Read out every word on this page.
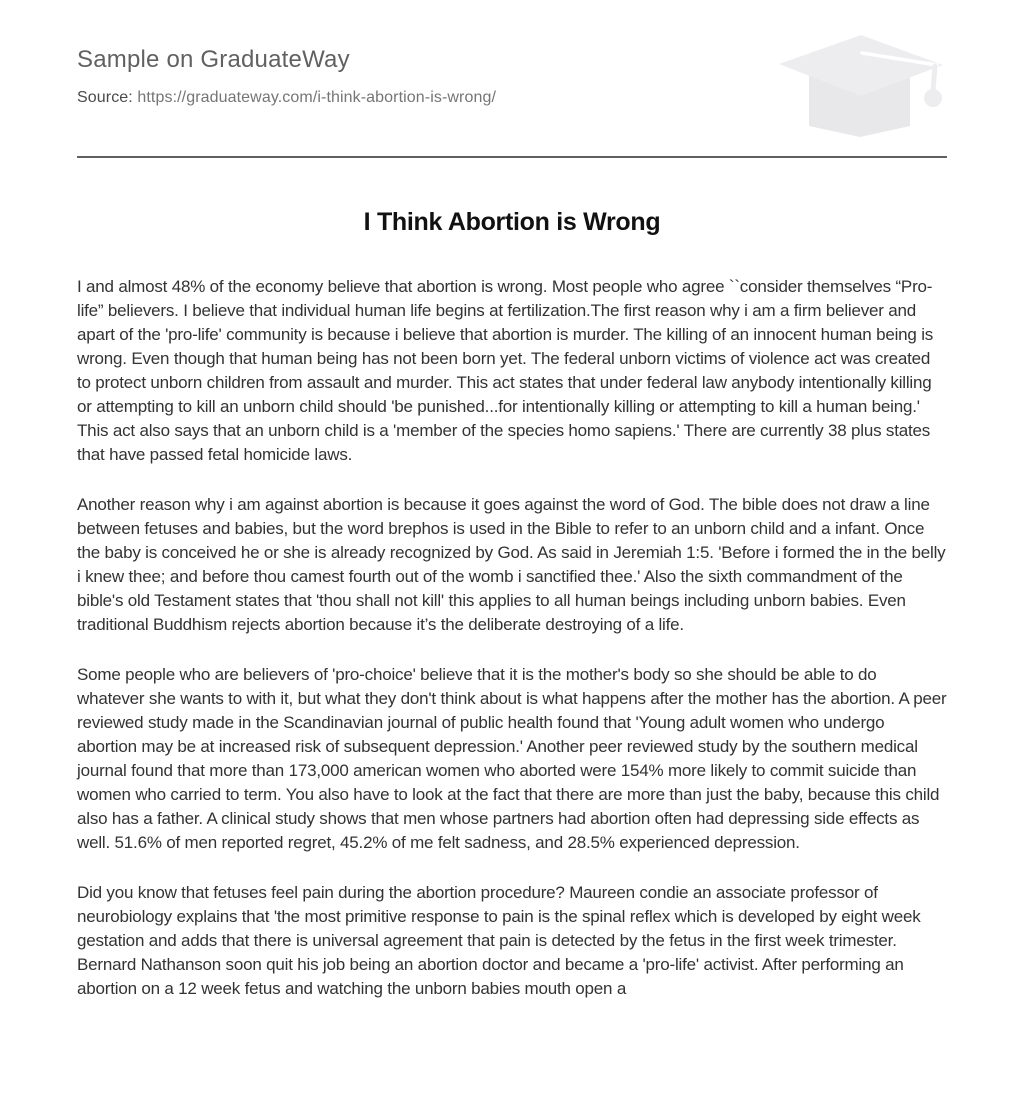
Sample on GraduateWay
Source: https://graduateway.com/i-think-abortion-is-wrong/
I Think Abortion is Wrong

I and almost 48% of the economy believe that abortion is wrong. Most people who agree ``consider themselves “Pro-life” believers. I believe that individual human life begins at fertilization.The first reason why i am a firm believer and apart of the 'pro-life' community is because i believe that abortion is murder. The killing of an innocent human being is wrong. Even though that human being has not been born yet. The federal unborn victims of violence act was created to protect unborn children from assault and murder. This act states that under federal law anybody intentionally killing or attempting to kill an unborn child should 'be punished...for intentionally killing or attempting to kill a human being.' This act also says that an unborn child is a 'member of the species homo sapiens.' There are currently 38 plus states that have passed fetal homicide laws.

Another reason why i am against abortion is because it goes against the word of God. The bible does not draw a line between fetuses and babies, but the word brephos is used in the Bible to refer to an unborn child and a infant. Once the baby is conceived he or she is already recognized by God. As said in Jeremiah 1:5. 'Before i formed the in the belly i knew thee; and before thou camest fourth out of the womb i sanctified thee.' Also the sixth commandment of the bible's old Testament states that 'thou shall not kill' this applies to all human beings including unborn babies. Even traditional Buddhism rejects abortion because it’s the deliberate destroying of a life.

Some people who are believers of 'pro-choice' believe that it is the mother's body so she should be able to do whatever she wants to with it, but what they don't think about is what happens after the mother has the abortion. A peer reviewed study made in the Scandinavian journal of public health found that 'Young adult women who undergo abortion may be at increased risk of subsequent depression.' Another peer reviewed study by the southern medical journal found that more than 173,000 american women who aborted were 154% more likely to commit suicide than women who carried to term. You also have to look at the fact that there are more than just the baby, because this child also has a father. A clinical study shows that men whose partners had abortion often had depressing side effects as well. 51.6% of men reported regret, 45.2% of me felt sadness, and 28.5% experienced depression.

Did you know that fetuses feel pain during the abortion procedure? Maureen condie an associate professor of neurobiology explains that 'the most primitive response to pain is the spinal reflex which is developed by eight week gestation and adds that there is universal agreement that pain is detected by the fetus in the first week trimester. Bernard Nathanson soon quit his job being an abortion doctor and became a 'pro-life' activist. After performing an abortion on a 12 week fetus and watching the unborn babies mouth open a
